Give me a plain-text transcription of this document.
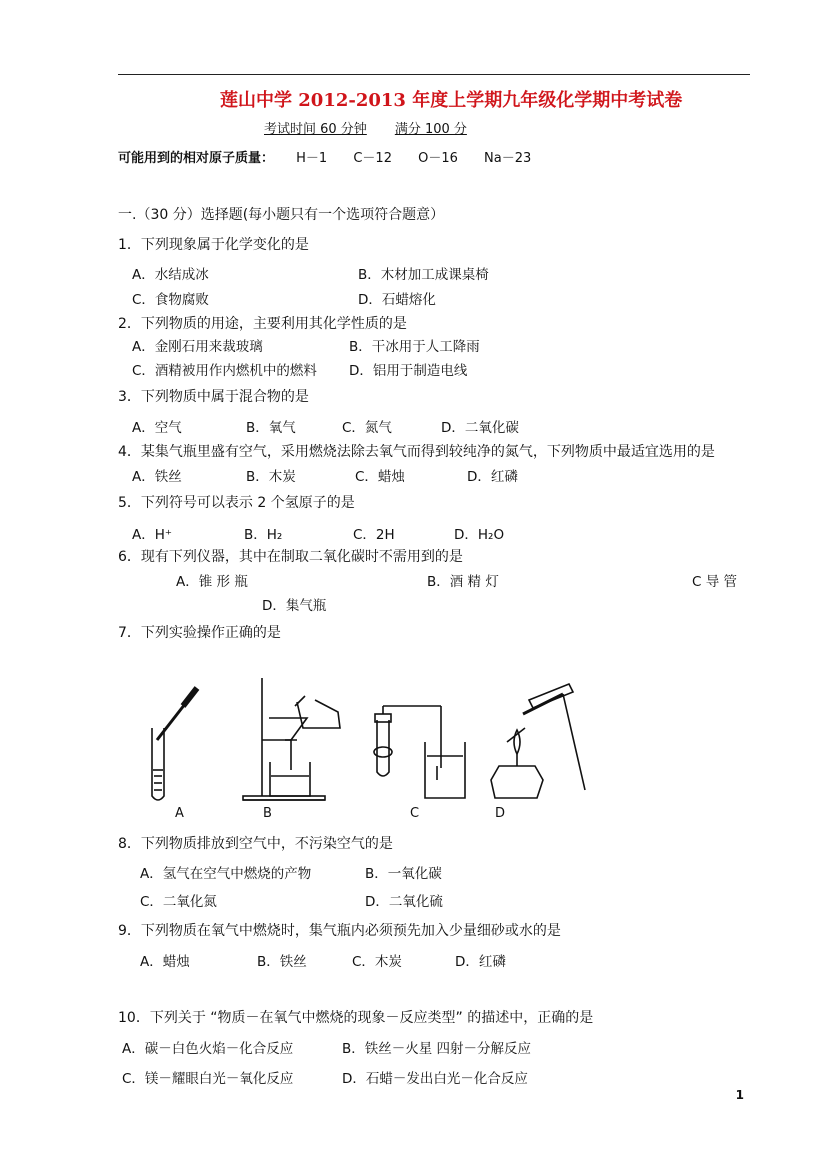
莲山中学 2012-2013 年度上学期九年级化学期中考试卷
考试时间 60 分钟 满分 100 分
可能用到的相对原子质量： H－1 C－12 O－16 Na－23
一.（30 分）选择题(每小题只有一个选项符合题意）
1．下列现象属于化学变化的是
A．水结成冰	B．木材加工成课桌椅
C．食物腐败	D．石蜡熔化
2．下列物质的用途，主要利用其化学性质的是
A．金刚石用来裁玻璃	B．干冰用于人工降雨
C．酒精被用作内燃机中的燃料 D．铝用于制造电线
3．下列物质中属于混合物的是
A．空气	B．氧气	C．氮气	D．二氧化碳
4．某集气瓶里盛有空气，采用燃烧法除去氧气而得到较纯净的氮气，下列物质中最适宜选用的是
A．铁丝	B．木炭	C．蜡烛	D．红磷
5．下列符号可以表示 2 个氢原子的是
A．H⁺	B．H₂	C．2H	D．H₂O
6．现有下列仪器，其中在制取二氧化碳时不需用到的是
A．锥 形 瓶	B．酒 精 灯	C 导 管
D．集气瓶
7．下列实验操作正确的是
A	B	C	D
8．下列物质排放到空气中，不污染空气的是
A．氢气在空气中燃烧的产物	B．一氧化碳
C．二氧化氮	D．二氧化硫
9．下列物质在氧气中燃烧时，集气瓶内必须预先加入少量细砂或水的是
A．蜡烛	B．铁丝	C．木炭	D．红磷
10．下列关于 “物质－在氧气中燃烧的现象－反应类型” 的描述中，正确的是
A．碳－白色火焰－化合反应	B．铁丝－火星 四射－分解反应
C．镁－耀眼白光－氧化反应	D．石蜡－发出白光－化合反应
1
